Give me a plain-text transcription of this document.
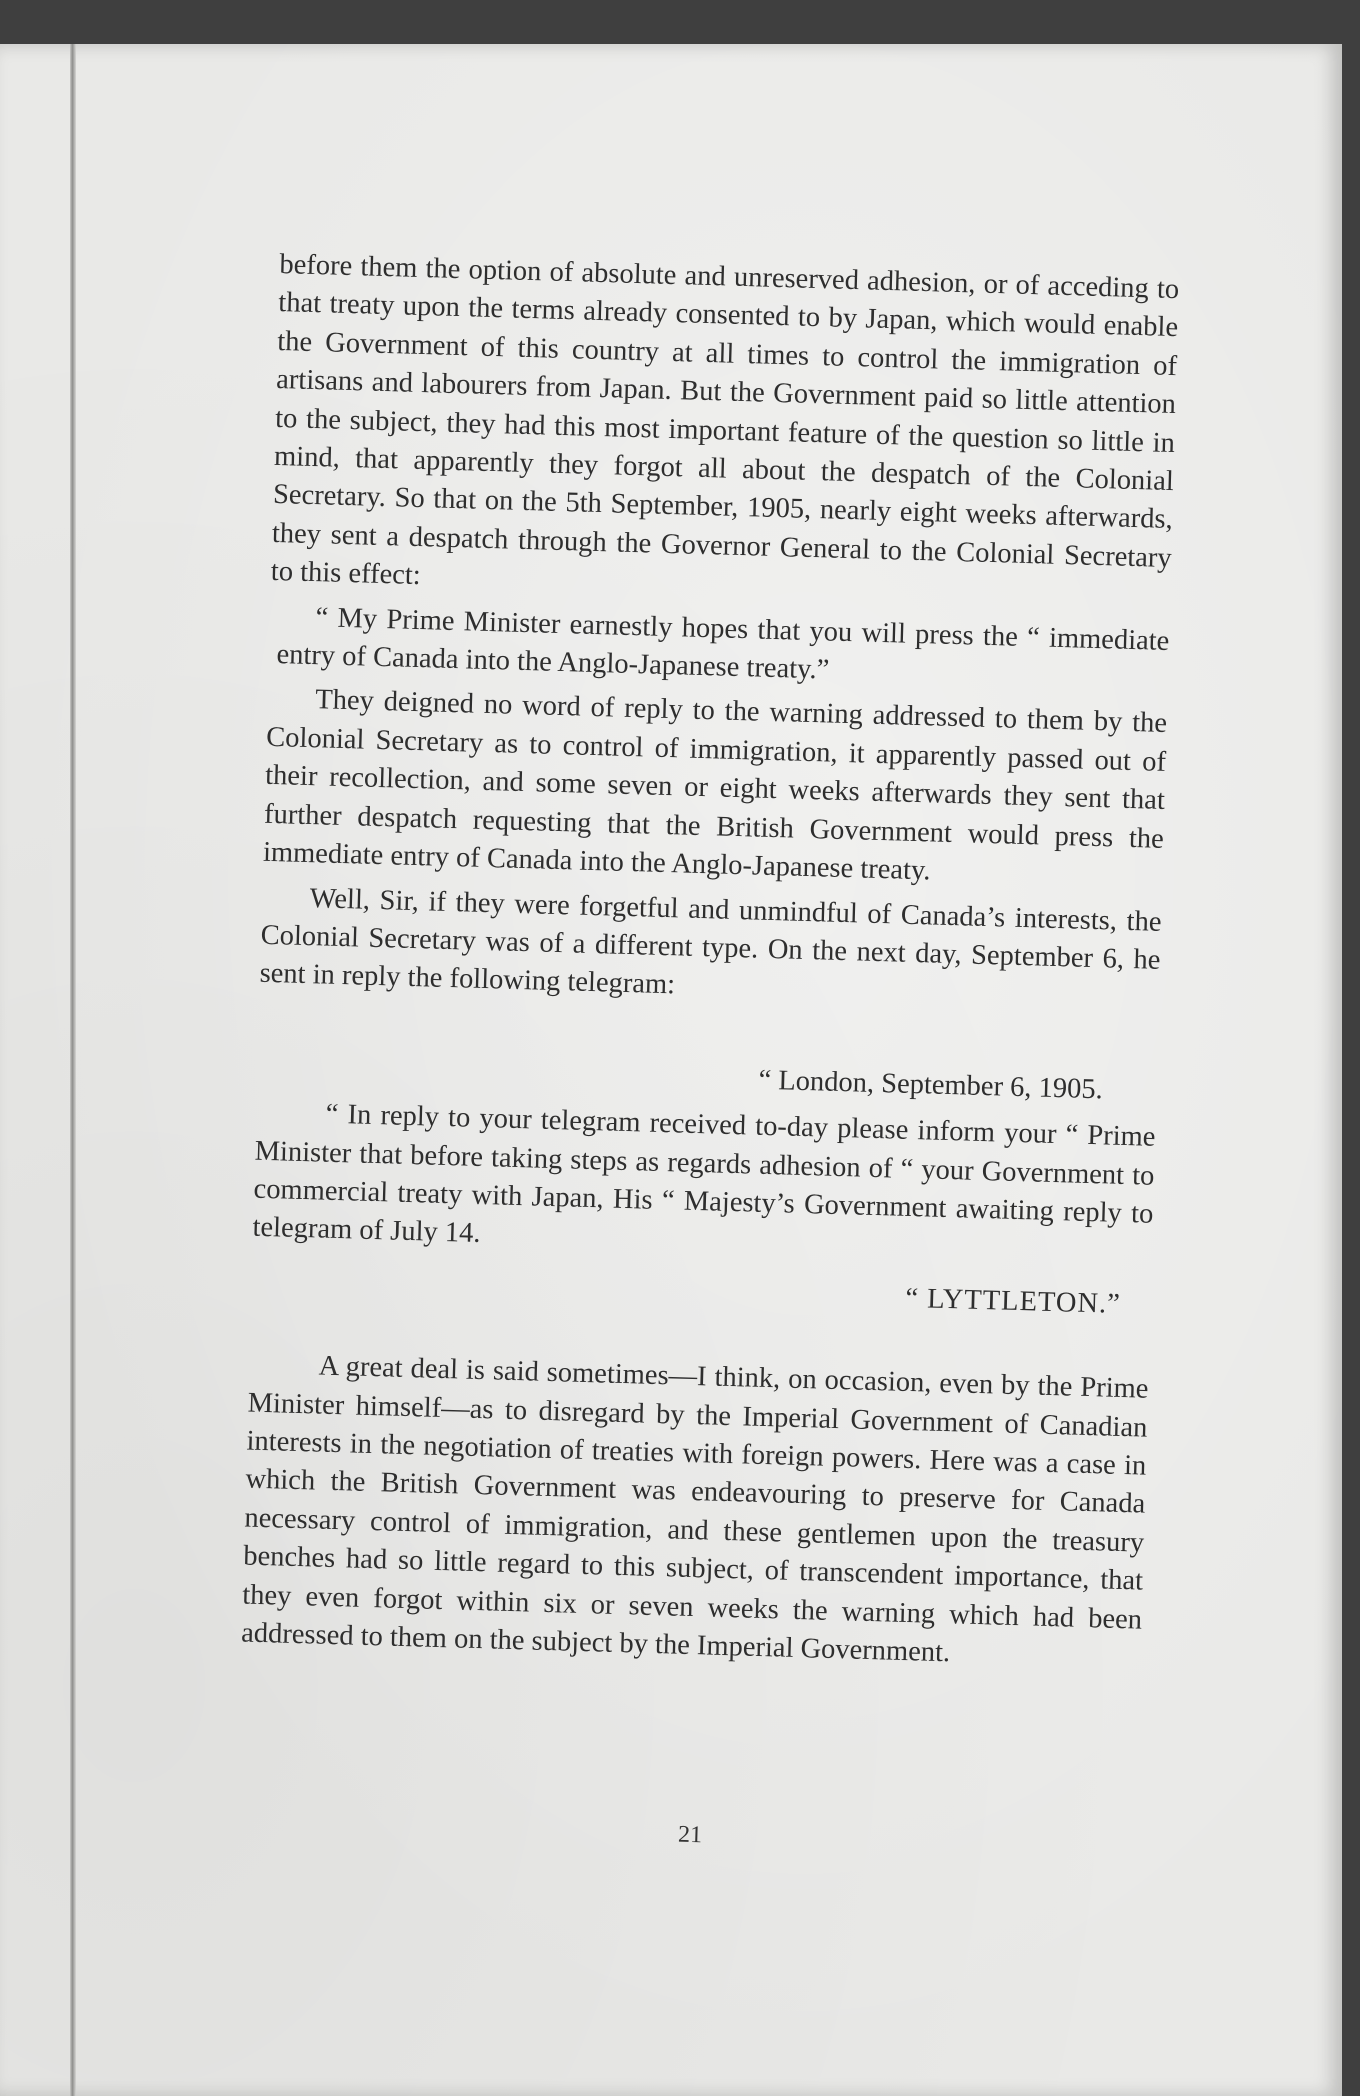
before them the option of absolute and unreserved adhesion, or of acceding to that treaty upon the terms already consented to by Japan, which would enable the Government of this country at all times to control the immigration of artisans and labourers from Japan. But the Government paid so little attention to the subject, they had this most important feature of the question so little in mind, that apparently they forgot all about the despatch of the Colonial Secretary. So that on the 5th September, 1905, nearly eight weeks afterwards, they sent a despatch through the Governor General to the Colonial Secretary to this effect:

“ My Prime Minister earnestly hopes that you will press the “ immediate entry of Canada into the Anglo-Japanese treaty.”

They deigned no word of reply to the warning addressed to them by the Colonial Secretary as to control of immigration, it apparently passed out of their recollection, and some seven or eight weeks afterwards they sent that further despatch requesting that the British Government would press the immediate entry of Canada into the Anglo-Japanese treaty.

Well, Sir, if they were forgetful and unmindful of Canada’s interests, the Colonial Secretary was of a different type. On the next day, September 6, he sent in reply the following telegram:

“ London, September 6, 1905.

“ In reply to your telegram received to-day please inform your “ Prime Minister that before taking steps as regards adhesion of “ your Government to commercial treaty with Japan, His “ Majesty’s Government awaiting reply to telegram of July 14.

“ LYTTLETON.”

A great deal is said sometimes—I think, on occasion, even by the Prime Minister himself—as to disregard by the Imperial Government of Canadian interests in the negotiation of treaties with foreign powers. Here was a case in which the British Government was endeavouring to preserve for Canada necessary control of immigration, and these gentlemen upon the treasury benches had so little regard to this subject, of transcendent importance, that they even forgot within six or seven weeks the warning which had been addressed to them on the subject by the Imperial Government.

21
